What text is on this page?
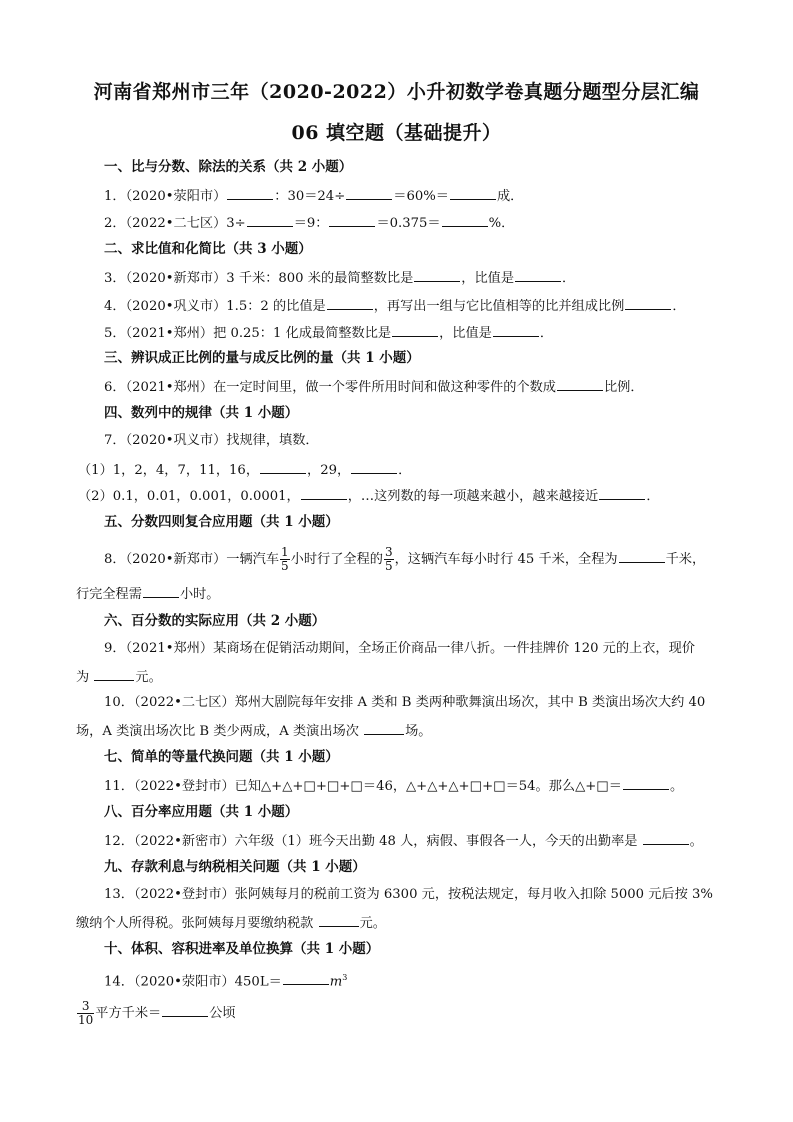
河南省郑州市三年（2020-2022）小升初数学卷真题分题型分层汇编
06 填空题（基础提升）
一、比与分数、除法的关系（共 2 小题）
1．（2020•荥阳市）	：30＝24÷	＝60%＝	成．
2．（2022•二七区）3÷	＝9：	＝0.375＝	%．
二、求比值和化简比（共 3 小题）
3．（2020•新郑市）3 千米：800 米的最简整数比是	，比值是	．
4．（2020•巩义市）1.5：2 的比值是	，再写出一组与它比值相等的比并组成比例	．
5．（2021•郑州）把 0.25：1 化成最简整数比是	，比值是	．
三、辨识成正比例的量与成反比例的量（共 1 小题）
6．（2021•郑州）在一定时间里，做一个零件所用时间和做这种零件的个数成	比例．
四、数列中的规律（共 1 小题）
7．（2020•巩义市）找规律，填数．
（1）1，2，4，7，11，16，	，29，	．
（2）0.1，0.01，0.001，0.0001，	，…这列数的每一项越来越小，越来越接近	．
五、分数四则复合应用题（共 1 小题）
8．（2020•新郑市）一辆汽车 $\frac{1}{5}$ 小时行了全程的 $\frac{3}{5}$ ，这辆汽车每小时行 45 千米，全程为	千米，
行完全程需	小时。
六、百分数的实际应用（共 2 小题）
9．（2021•郑州）某商场在促销活动期间，全场正价商品一律八折。一件挂牌价 120 元的上衣，现价
为	元。
10．（2022•二七区）郑州大剧院每年安排 A 类和 B 类两种歌舞演出场次，其中 B 类演出场次大约 40
场，A 类演出场次比 B 类少两成，A 类演出场次	场。
七、简单的等量代换问题（共 1 小题）
11．（2022•登封市）已知△+△+□+□+□＝46，△+△+△+□+□＝54。那么△+□＝	。
八、百分率应用题（共 1 小题）
12．（2022•新密市）六年级（1）班今天出勤 48 人，病假、事假各一人，今天的出勤率是	。
九、存款利息与纳税相关问题（共 1 小题）
13．（2022•登封市）张阿姨每月的税前工资为 6300 元，按税法规定，每月收入扣除 5000 元后按 3%
缴纳个人所得税。张阿姨每月要缴纳税款	元。
十、体积、容积进率及单位换算（共 1 小题）
14．（2020•荥阳市）450L＝	$m^3$
$\frac{3}{10}$ 平方千米＝	公顷
